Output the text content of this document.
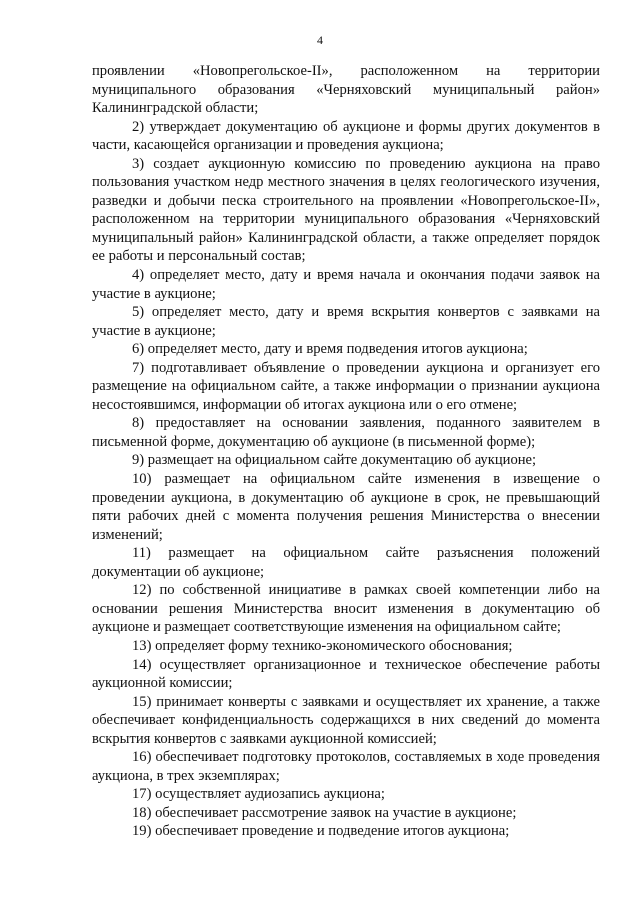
4

проявлении «Новопрегольское-II», расположенном на территории муниципального образования «Черняховский муниципальный район» Калининградской области;

2) утверждает документацию об аукционе и формы других документов в части, касающейся организации и проведения аукциона;

3) создает аукционную комиссию по проведению аукциона на право пользования участком недр местного значения в целях геологического изучения, разведки и добычи песка строительного на проявлении «Новопрегольское-II», расположенном на территории муниципального образования «Черняховский муниципальный район» Калининградской области, а также определяет порядок ее работы и персональный состав;

4) определяет место, дату и время начала и окончания подачи заявок на участие в аукционе;

5) определяет место, дату и время вскрытия конвертов с заявками на участие в аукционе;

6) определяет место, дату и время подведения итогов аукциона;

7) подготавливает объявление о проведении аукциона и организует его размещение на официальном сайте, а также информации о признании аукциона несостоявшимся, информации об итогах аукциона или о его отмене;

8) предоставляет на основании заявления, поданного заявителем в письменной форме, документацию об аукционе (в письменной форме);

9) размещает на официальном сайте документацию об аукционе;

10) размещает на официальном сайте изменения в извещение о проведении аукциона, в документацию об аукционе в срок, не превышающий пяти рабочих дней с момента получения решения Министерства о внесении изменений;

11) размещает на официальном сайте разъяснения положений документации об аукционе;

12) по собственной инициативе в рамках своей компетенции либо на основании решения Министерства вносит изменения в документацию об аукционе и размещает соответствующие изменения на официальном сайте;

13) определяет форму технико-экономического обоснования;

14) осуществляет организационное и техническое обеспечение работы аукционной комиссии;

15) принимает конверты с заявками и осуществляет их хранение, а также обеспечивает конфиденциальность содержащихся в них сведений до момента вскрытия конвертов с заявками аукционной комиссией;

16) обеспечивает подготовку протоколов, составляемых в ходе проведения аукциона, в трех экземплярах;

17) осуществляет аудиозапись аукциона;

18) обеспечивает рассмотрение заявок на участие в аукционе;

19) обеспечивает проведение и подведение итогов аукциона;
